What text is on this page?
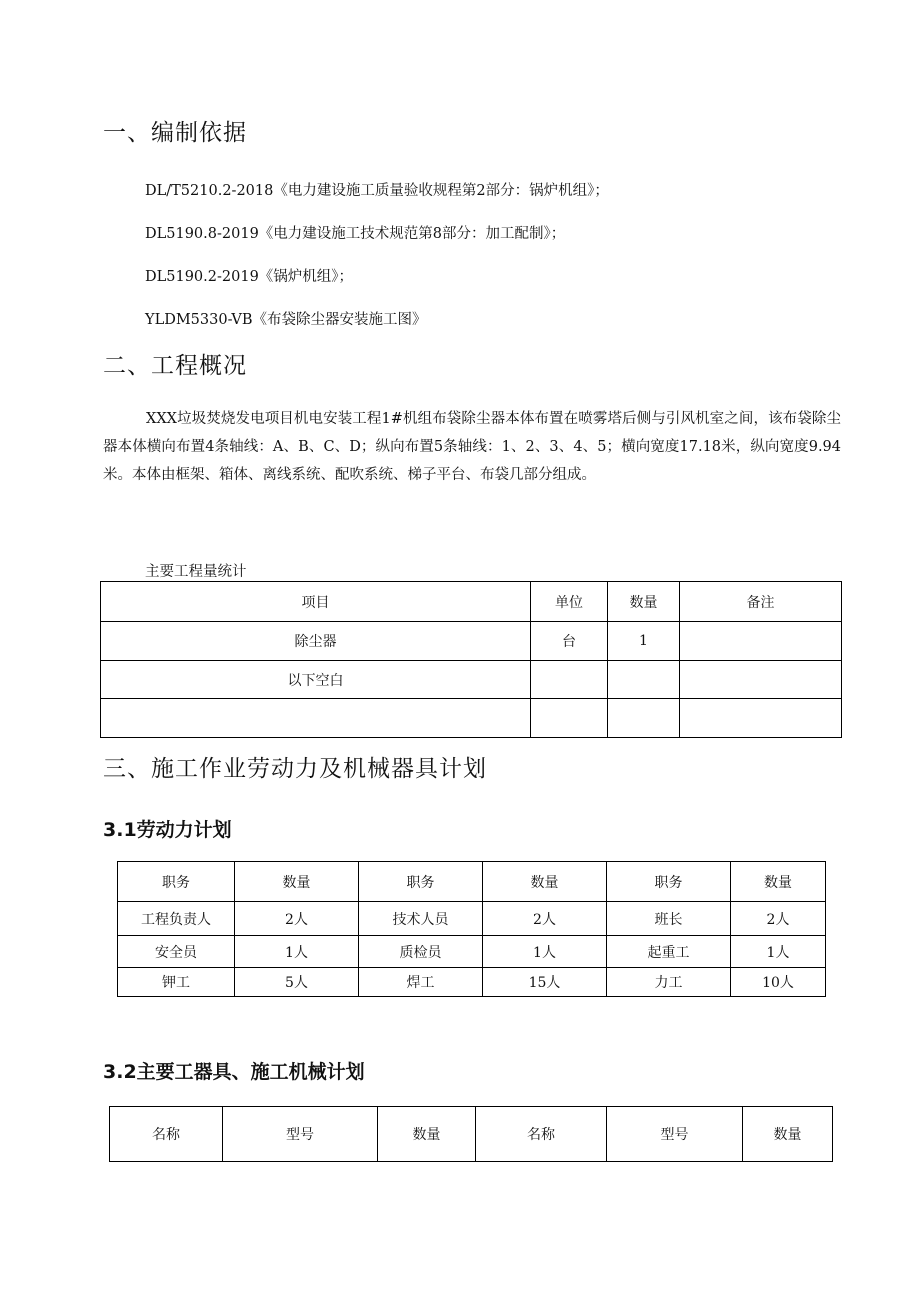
一、编制依据
DL/T5210.2-2018《电力建设施工质量验收规程第2部分：锅炉机组》；
DL5190.8-2019《电力建设施工技术规范第8部分：加工配制》；
DL5190.2-2019《锅炉机组》；
YLDM5330-VB《布袋除尘器安装施工图》
二、工程概况
XXX垃圾焚烧发电项目机电安装工程1#机组布袋除尘器本体布置在喷雾塔后侧与引风机室之间，该布袋除尘器本体横向布置4条轴线：A、B、C、D；纵向布置5条轴线：1、2、3、4、5；横向宽度17.18米，纵向宽度9.94米。本体由框架、箱体、离线系统、配吹系统、梯子平台、布袋几部分组成。
主要工程量统计
项目	单位	数量	备注
除尘器	台	1	
以下空白			

三、施工作业劳动力及机械器具计划
3.1劳动力计划
职务	数量	职务	数量	职务	数量
工程负责人	2人	技术人员	2人	班长	2人
安全员	1人	质检员	1人	起重工	1人
钾工	5人	焊工	15人	力工	10人
3.2主要工器具、施工机械计划
名称	型号	数量	名称	型号	数量
